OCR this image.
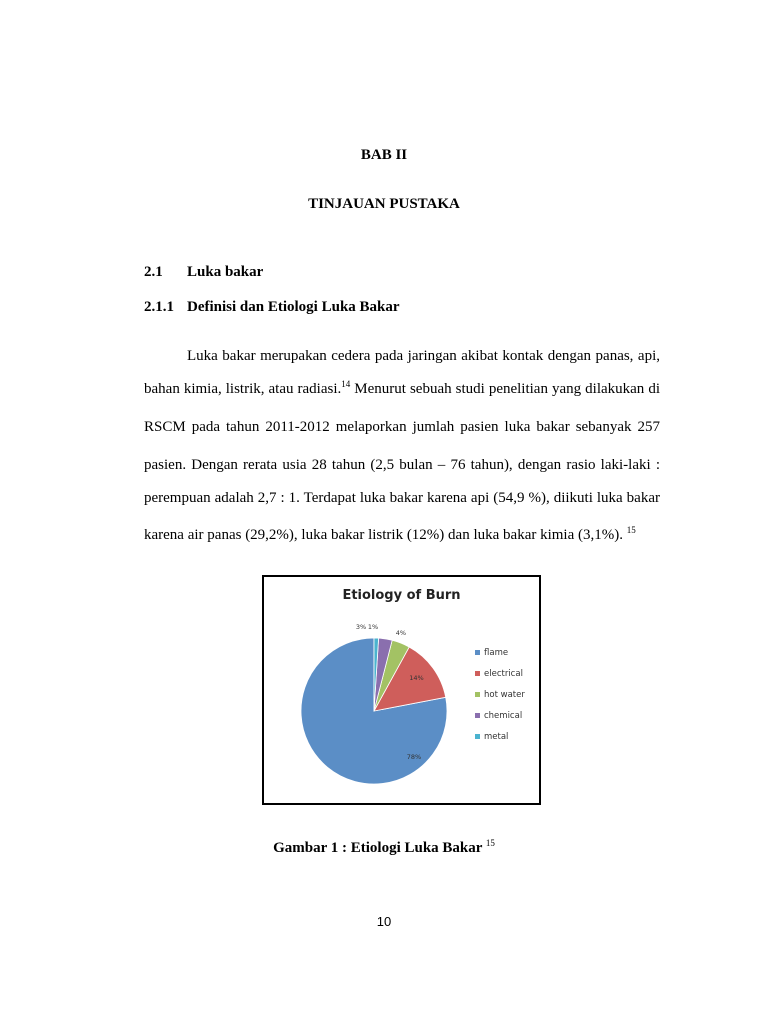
BAB II
TINJAUAN PUSTAKA
2.1 Luka bakar
2.1.1 Definisi dan Etiologi Luka Bakar
Luka bakar merupakan cedera pada jaringan akibat kontak dengan panas, api,
bahan kimia, listrik, atau radiasi.$^{14}$ Menurut sebuah studi penelitian yang dilakukan di
RSCM pada tahun 2011-2012 melaporkan jumlah pasien luka bakar sebanyak 257
pasien. Dengan rerata usia 28 tahun (2,5 bulan – 76 tahun), dengan rasio laki-laki :
perempuan adalah 2,7 : 1. Terdapat luka bakar karena api (54,9 %), diikuti luka bakar
karena air panas (29,2%), luka bakar listrik (12%) dan luka bakar kimia (3,1%). $^{15}$
Etiology of Burn
78%
14%
4%
3% 1%
flame
electrical
hot water
chemical
metal
Gambar 1 : Etiologi Luka Bakar $^{15}$
10
